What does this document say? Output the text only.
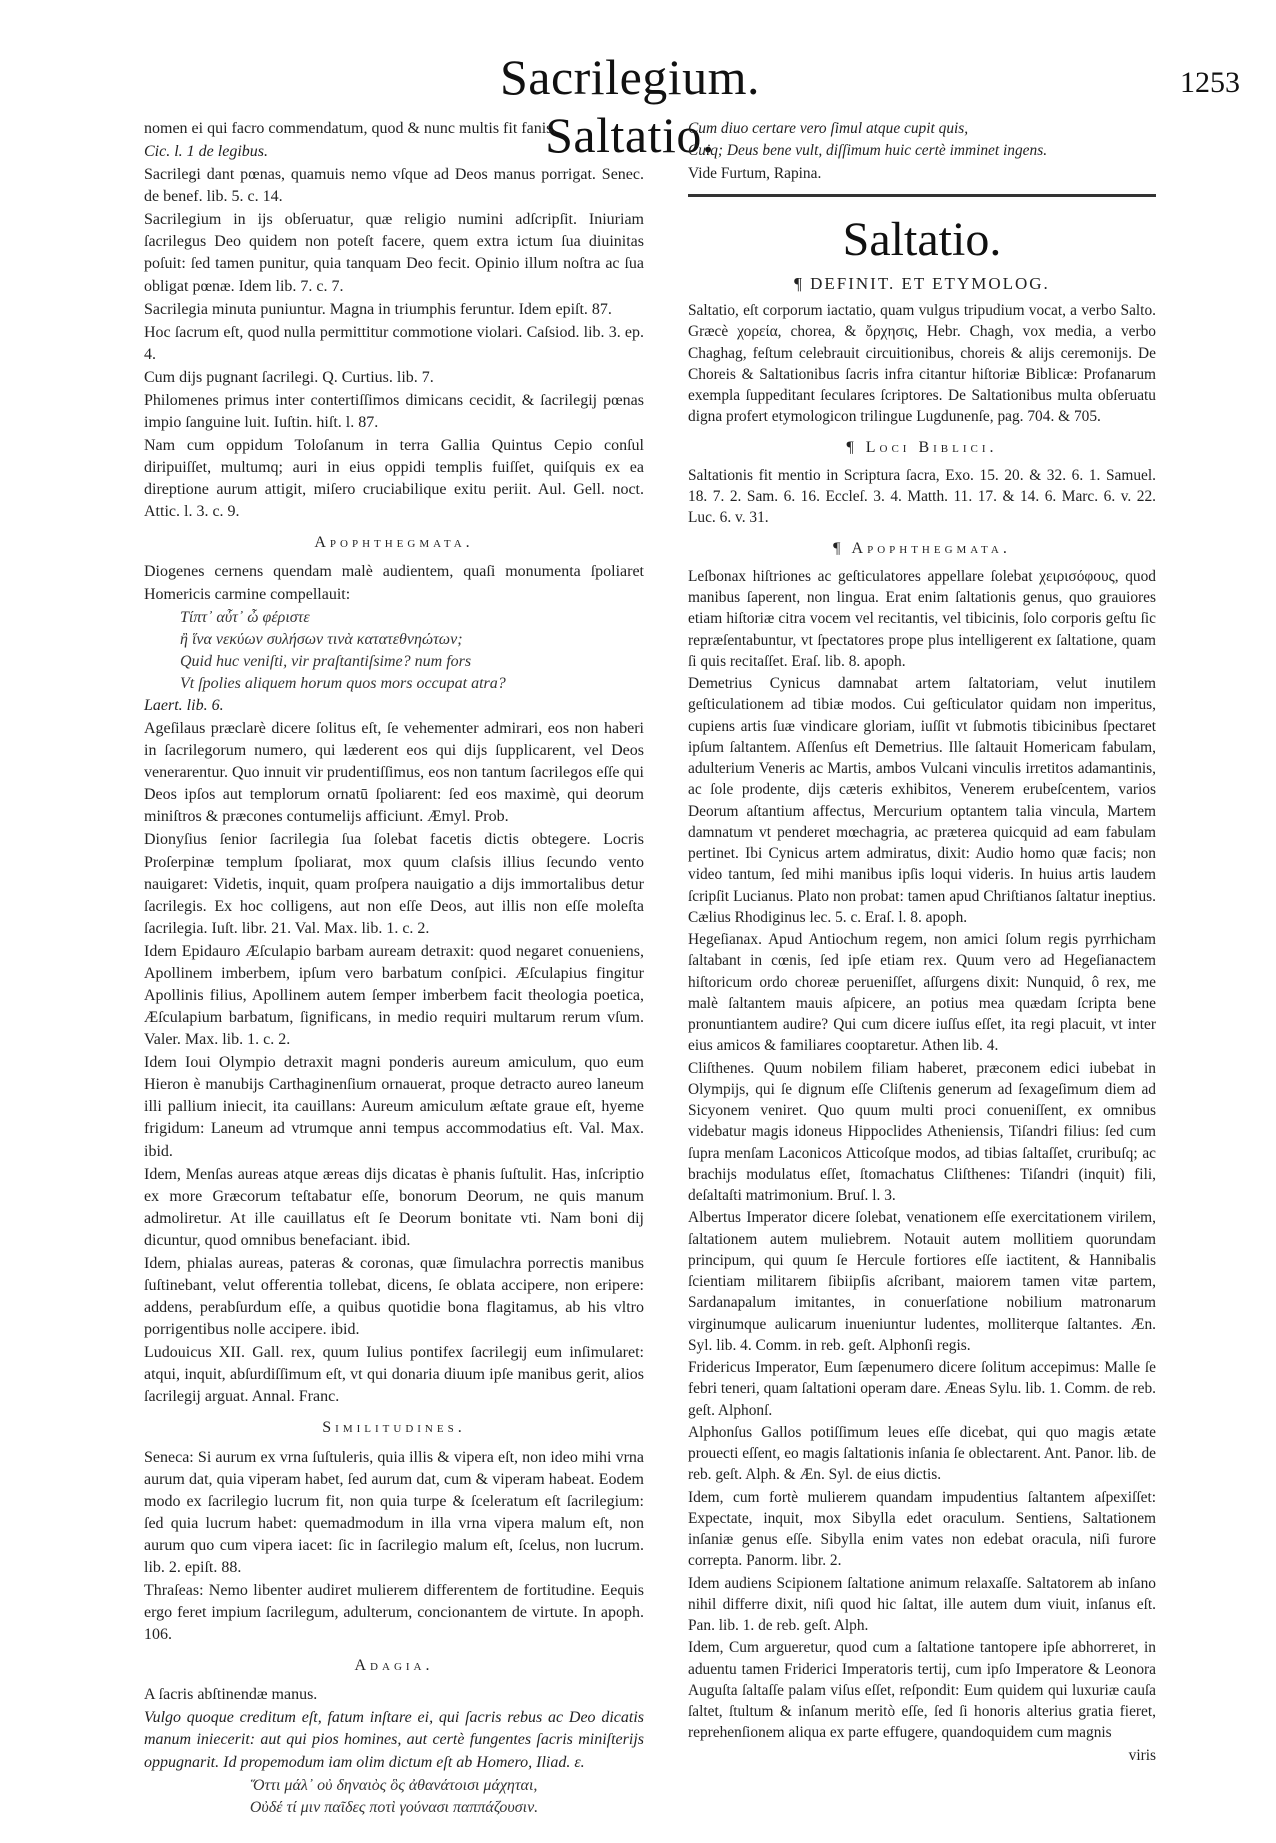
Sacrilegium. Saltatio.
1253
nomen ei qui facro commendatum, quod & nunc multis fit fanis.
Cic. l. 1 de legibus.
Sacrilegi dant pœnas, quamuis nemo vſque ad Deos manus porrigat. Senec. de benef. lib. 5. c. 14.
Sacrilegium in ijs obſeruatur, quæ religio numini adſcripſit. Iniuriam ſacrilegus Deo quidem non poteſt facere, quem extra ictum ſua diuinitas poſuit: ſed tamen punitur, quia tanquam Deo fecit. Opinio illum noſtra ac ſua obligat pœnæ. Idem lib. 7. c. 7.
Sacrilegia minuta puniuntur. Magna in triumphis feruntur. Idem epiſt. 87.
Hoc ſacrum eſt, quod nulla permittitur commotione violari. Caſsiod. lib. 3. ep. 4.
Cum dijs pugnant ſacrilegi. Q. Curtius. lib. 7.
Philomenes primus inter contertiſſimos dimicans cecidit, & ſacrilegij pœnas impio ſanguine luit. Iuſtin. hiſt. l. 87.
Nam cum oppidum Toloſanum in terra Gallia Quintus Cepio conſul diripuiſſet, multumq; auri in eius oppidi templis fuiſſet, quiſquis ex ea direptione aurum attigit, miſero cruciabilique exitu periit. Aul. Gell. noct. Attic. l. 3. c. 9.
Apophthegmata.
Diogenes cernens quendam malè audientem, quaſi monumenta ſpoliaret Homericis carmine compellauit:
Τίπτ᾽ αὖτ᾽ ὦ φέριστε
ἢ ἵνα νεκύων συλήσων τινὰ κατατεθνηώτων;
Quid huc veniſti, vir praſtantiſsime? num fors
Vt ſpolies aliquem horum quos mors occupat atra?
Laert. lib. 6.
Ageſilaus præclarè dicere ſolitus eſt, ſe vehementer admirari, eos non haberi in ſacrilegorum numero, qui læderent eos qui dijs ſupplicarent, vel Deos venerarentur. Quo innuit vir prudentiſſimus, eos non tantum ſacrilegos eſſe qui Deos ipſos aut templorum ornatū ſpoliarent: ſed eos maximè, qui deorum miniſtros & præcones contumelijs afficiunt. Æmyl. Prob.
Dionyſius ſenior ſacrilegia ſua ſolebat facetis dictis obtegere. Locris Proſerpinæ templum ſpoliarat, mox quum claſsis illius ſecundo vento nauigaret: Videtis, inquit, quam proſpera nauigatio a dijs immortalibus detur ſacrilegis. Ex hoc colligens, aut non eſſe Deos, aut illis non eſſe moleſta ſacrilegia. Iuſt. libr. 21. Val. Max. lib. 1. c. 2.
Idem Epidauro Æſculapio barbam auream detraxit: quod negaret conueniens, Apollinem imberbem, ipſum vero barbatum conſpici. Æſculapius fingitur Apollinis filius, Apollinem autem ſemper imberbem facit theologia poetica, Æſculapium barbatum, ſignificans, in medio requiri multarum rerum vſum. Valer. Max. lib. 1. c. 2.
Idem Ioui Olympio detraxit magni ponderis aureum amiculum, quo eum Hieron è manubijs Carthaginenſium ornauerat, proque detracto aureo laneum illi pallium iniecit, ita cauillans: Aureum amiculum æſtate graue eſt, hyeme frigidum: Laneum ad vtrumque anni tempus accommodatius eſt. Val. Max. ibid.
Idem, Menſas aureas atque æreas dijs dicatas è phanis ſuſtulit. Has, inſcriptio ex more Græcorum teſtabatur eſſe, bonorum Deorum, ne quis manum admoliretur. At ille cauillatus eſt ſe Deorum bonitate vti. Nam boni dij dicuntur, quod omnibus benefaciant. ibid.
Idem, phialas aureas, pateras & coronas, quæ ſimulachra porrectis manibus ſuſtinebant, velut offerentia tollebat, dicens, ſe oblata accipere, non eripere: addens, perabſurdum eſſe, a quibus quotidie bona flagitamus, ab his vltro porrigentibus nolle accipere. ibid.
Ludouicus XII. Gall. rex, quum Iulius pontifex ſacrilegij eum inſimularet: atqui, inquit, abſurdiſſimum eſt, vt qui donaria diuum ipſe manibus gerit, alios ſacrilegij arguat. Annal. Franc.
Similitudines.
Seneca: Si aurum ex vrna ſuſtuleris, quia illis & vipera eſt, non ideo mihi vrna aurum dat, quia viperam habet, ſed aurum dat, cum & viperam habeat. Eodem modo ex ſacrilegio lucrum fit, non quia turpe & ſceleratum eſt ſacrilegium: ſed quia lucrum habet: quemadmodum in illa vrna vipera malum eſt, non aurum quo cum vipera iacet: ſic in ſacrilegio malum eſt, ſcelus, non lucrum. lib. 2. epiſt. 88.
Thraſeas: Nemo libenter audiret mulierem differentem de fortitudine. Eequis ergo feret impium ſacrilegum, adulterum, concionantem de virtute. In apoph. 106.
Adagia.
A ſacris abſtinendæ manus.
Vulgo quoque creditum eſt, fatum inſtare ei, qui ſacris rebus ac Deo dicatis manum iniecerit: aut qui pios homines, aut certè fungentes ſacris miniſterijs oppugnarit. Id propemodum iam olim dictum eſt ab Homero, Iliad. ε.
Ὅττι μάλ᾽ οὐ δηναιὸς ὃς ἀθανάτοισι μάχηται,
Οὐδέ τί μιν παῖδες ποτὶ γούνασι παππάζουσιν.
Cum diuo certare vero ſimul atque cupit quis,
Cuiq; Deus bene vult, diſſimum huic certè imminet ingens.
Vide Furtum, Rapina.
Saltatio.
¶ DEFINIT. ET ETYMOLOG.
Saltatio, eſt corporum iactatio, quam vulgus tripudium vocat, a verbo Salto. Græcè χορεία, chorea, & ὄρχησις, Hebr. Chagh, vox media, a verbo Chaghag, feſtum celebrauit circuitionibus, choreis & alijs ceremonijs. De Choreis & Saltationibus ſacris infra citantur hiſtoriæ Biblicæ: Profanarum exempla ſuppeditant ſeculares ſcriptores. De Saltationibus multa obſeruatu digna profert etymologicon trilingue Lugdunenſe, pag. 704. & 705.
¶ Loci Biblici.
Saltationis fit mentio in Scriptura ſacra, Exo. 15. 20. & 32. 6. 1. Samuel. 18. 7. 2. Sam. 6. 16. Eccleſ. 3. 4. Matth. 11. 17. & 14. 6. Marc. 6. v. 22. Luc. 6. v. 31.
¶ Apophthegmata.
Leſbonax hiſtriones ac geſticulatores appellare ſolebat χειρισόφους, quod manibus ſaperent, non lingua. Erat enim ſaltationis genus, quo grauiores etiam hiſtoriæ citra vocem vel recitantis, vel tibicinis, ſolo corporis geſtu ſic repræſentabuntur, vt ſpectatores prope plus intelligerent ex ſaltatione, quam ſi quis recitaſſet. Eraſ. lib. 8. apoph.
Demetrius Cynicus damnabat artem ſaltatoriam, velut inutilem geſticulationem ad tibiæ modos. Cui geſticulator quidam non imperitus, cupiens artis ſuæ vindicare gloriam, iuſſit vt ſubmotis tibicinibus ſpectaret ipſum ſaltantem. Aſſenſus eſt Demetrius. Ille ſaltauit Homericam fabulam, adulterium Veneris ac Martis, ambos Vulcani vinculis irretitos adamantinis, ac ſole prodente, dijs cæteris exhibitos, Venerem erubeſcentem, varios Deorum aſtantium affectus, Mercurium optantem talia vincula, Martem damnatum vt penderet mœchagria, ac præterea quicquid ad eam fabulam pertinet. Ibi Cynicus artem admiratus, dixit: Audio homo quæ facis; non video tantum, ſed mihi manibus ipſis loqui videris. In huius artis laudem ſcripſit Lucianus. Plato non probat: tamen apud Chriſtianos ſaltatur ineptius. Cælius Rhodiginus lec. 5. c. Eraſ. l. 8. apoph.
Hegeſianax. Apud Antiochum regem, non amici ſolum regis pyrrhicham ſaltabant in cœnis, ſed ipſe etiam rex. Quum vero ad Hegeſianactem hiſtoricum ordo choreæ perueniſſet, aſſurgens dixit: Nunquid, ô rex, me malè ſaltantem mauis aſpicere, an potius mea quædam ſcripta bene pronuntiantem audire? Qui cum dicere iuſſus eſſet, ita regi placuit, vt inter eius amicos & familiares cooptaretur. Athen lib. 4.
Cliſthenes. Quum nobilem filiam haberet, præconem edici iubebat in Olympijs, qui ſe dignum eſſe Cliſtenis generum ad ſexageſimum diem ad Sicyonem veniret. Quo quum multi proci conueniſſent, ex omnibus videbatur magis idoneus Hippoclides Atheniensis, Tiſandri filius: ſed cum ſupra menſam Laconicos Atticoſque modos, ad tibias ſaltaſſet, cruribuſq; ac brachijs modulatus eſſet, ſtomachatus Cliſthenes: Tiſandri (inquit) fili, deſaltaſti matrimonium. Bruſ. l. 3.
Albertus Imperator dicere ſolebat, venationem eſſe exercitationem virilem, ſaltationem autem muliebrem. Notauit autem mollitiem quorundam principum, qui quum ſe Hercule fortiores eſſe iactitent, & Hannibalis ſcientiam militarem ſibiipſis aſcribant, maiorem tamen vitæ partem, Sardanapalum imitantes, in conuerſatione nobilium matronarum virginumque aulicarum inueniuntur ludentes, molliterque ſaltantes. Æn. Syl. lib. 4. Comm. in reb. geſt. Alphonſi regis.
Fridericus Imperator, Eum ſæpenumero dicere ſolitum accepimus: Malle ſe febri teneri, quam ſaltationi operam dare. Æneas Sylu. lib. 1. Comm. de reb. geſt. Alphonſ.
Alphonſus Gallos potiſſimum leues eſſe dicebat, qui quo magis ætate prouecti eſſent, eo magis ſaltationis inſania ſe oblectarent. Ant. Panor. lib. de reb. geſt. Alph. & Æn. Syl. de eius dictis.
Idem, cum fortè mulierem quandam impudentius ſaltantem aſpexiſſet: Expectate, inquit, mox Sibylla edet oraculum. Sentiens, Saltationem inſaniæ genus eſſe. Sibylla enim vates non edebat oracula, niſi furore correpta. Panorm. libr. 2.
Idem audiens Scipionem ſaltatione animum relaxaſſe. Saltatorem ab inſano nihil differre dixit, niſi quod hic ſaltat, ille autem dum viuit, inſanus eſt. Pan. lib. 1. de reb. geſt. Alph.
Idem, Cum argueretur, quod cum a ſaltatione tantopere ipſe abhorreret, in aduentu tamen Friderici Imperatoris tertij, cum ipſo Imperatore & Leonora Auguſta ſaltaſſe palam viſus eſſet, reſpondit: Eum quidem qui luxuriæ cauſa ſaltet, ſtultum & inſanum meritò eſſe, ſed ſi honoris alterius gratia fieret, reprehenſionem aliqua ex parte effugere, quandoquidem cum magnis
viris
